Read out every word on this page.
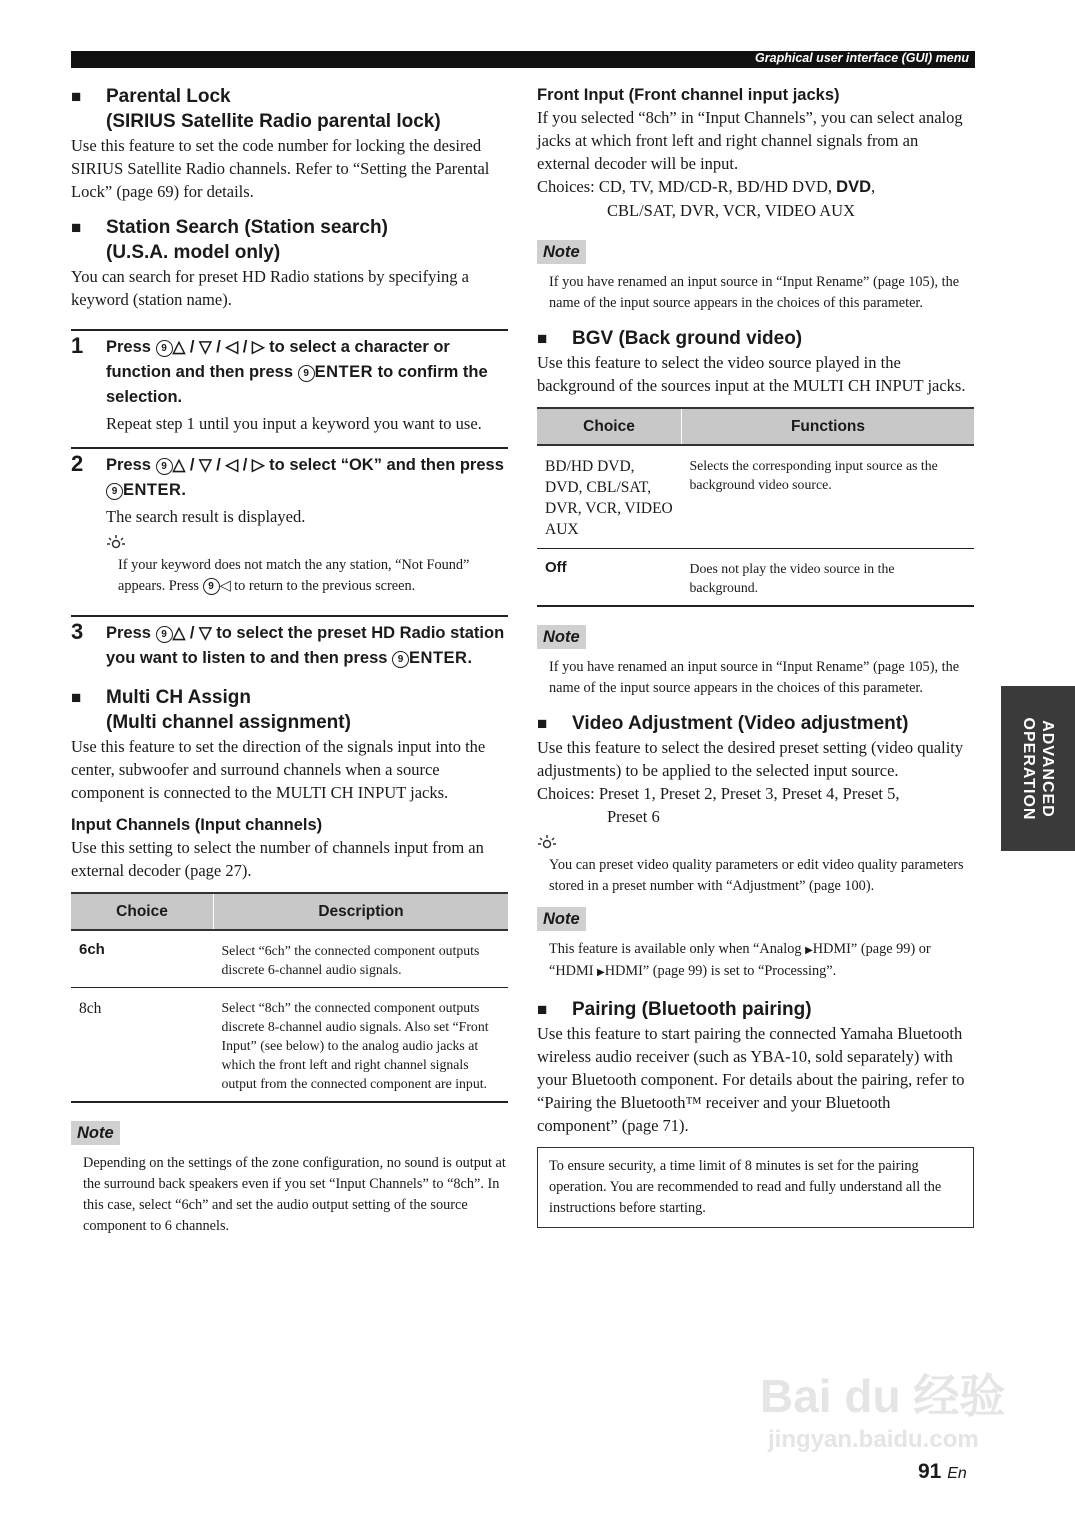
Graphical user interface (GUI) menu
■ Parental Lock
(SIRIUS Satellite Radio parental lock)

Use this feature to set the code number for locking the desired SIRIUS Satellite Radio channels. Refer to “Setting the Parental Lock” (page 69) for details.

■ Station Search (Station search)
(U.S.A. model only)

You can search for preset HD Radio stations by specifying a keyword (station name).

1 Press 9 △ / ▽ / ◁ / ▷ to select a character or function and then press 9 ENTER to confirm the selection.

Repeat step 1 until you input a keyword you want to use.

2 Press 9 △ / ▽ / ◁ / ▷ to select “OK” and then press 9 ENTER.

The search result is displayed.

If your keyword does not match the any station, “Not Found” appears. Press 9 ◁ to return to the previous screen.

3 Press 9 △ / ▽ to select the preset HD Radio station you want to listen to and then press 9 ENTER.

■ Multi CH Assign
(Multi channel assignment)

Use this feature to set the direction of the signals input into the center, subwoofer and surround channels when a source component is connected to the MULTI CH INPUT jacks.

Input Channels (Input channels)

Use this setting to select the number of channels input from an external decoder (page 27).

Choice	Description
6ch	Select “6ch” the connected component outputs discrete 6-channel audio signals.
8ch	Select “8ch” the connected component outputs discrete 8-channel audio signals. Also set “Front Input” (see below) to the analog audio jacks at which the front left and right channel signals output from the connected component are input.
Note

Depending on the settings of the zone configuration, no sound is output at the surround back speakers even if you set “Input Channels” to “8ch”. In this case, select “6ch” and set the audio output setting of the source component to 6 channels.

Front Input (Front channel input jacks)

If you selected “8ch” in “Input Channels”, you can select analog jacks at which front left and right channel signals from an external decoder will be input.

Choices: CD, TV, MD/CD-R, BD/HD DVD, DVD,
CBL/SAT, DVR, VCR, VIDEO AUX

Note

If you have renamed an input source in “Input Rename” (page 105), the name of the input source appears in the choices of this parameter.

■ BGV (Back ground video)

Use this feature to select the video source played in the background of the sources input at the MULTI CH INPUT jacks.

Choice	Functions
BD/HD DVD, DVD, CBL/SAT, DVR, VCR, VIDEO AUX	Selects the corresponding input source as the background video source.
Off	Does not play the video source in the background.
Note

If you have renamed an input source in “Input Rename” (page 105), the name of the input source appears in the choices of this parameter.

■ Video Adjustment (Video adjustment)

Use this feature to select the desired preset setting (video quality adjustments) to be applied to the selected input source.

Choices: Preset 1, Preset 2, Preset 3, Preset 4, Preset 5,
Preset 6

You can preset video quality parameters or edit video quality parameters stored in a preset number with “Adjustment” (page 100).

Note

This feature is available only when “Analog ▶HDMI” (page 99) or “HDMI ▶HDMI” (page 99) is set to “Processing”.

■ Pairing (Bluetooth pairing)

Use this feature to start pairing the connected Yamaha Bluetooth wireless audio receiver (such as YBA-10, sold separately) with your Bluetooth component. For details about the pairing, refer to “Pairing the Bluetooth™ receiver and your Bluetooth component” (page 71).

To ensure security, a time limit of 8 minutes is set for the pairing operation. You are recommended to read and fully understand all the instructions before starting.
ADVANCED OPERATION
Bai du 经验
jingyan.baidu.com
91 En
